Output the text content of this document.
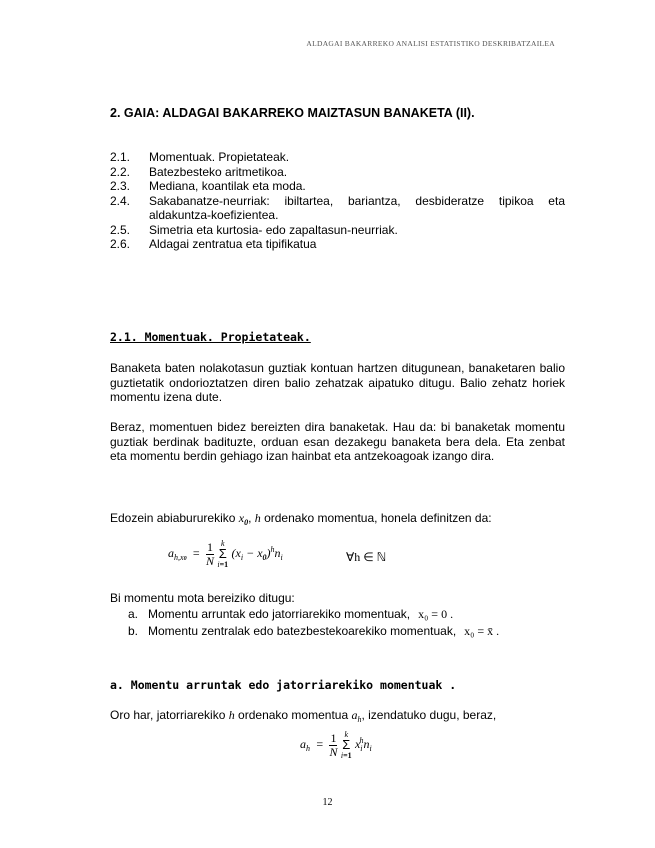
ALDAGAI BAKARREKO ANALISI ESTATISTIKO DESKRIBATZAILEA
2. GAIA: ALDAGAI BAKARREKO MAIZTASUN BANAKETA (II).
2.1.	Momentuak. Propietateak.
2.2.	Batezbesteko aritmetikoa.
2.3.	Mediana, koantilak eta moda.
2.4.	Sakabanatze-neurriak: ibiltartea, bariantza, desbideratze tipikoa eta aldakuntza-koefizientea.
2.5.	Simetria eta kurtosia- edo zapaltasun-neurriak.
2.6.	Aldagai zentratua eta tipifikatua
2.1. Momentuak. Propietateak.
Banaketa baten nolakotasun guztiak kontuan hartzen ditugunean, banaketaren balio guztietatik ondorioztatzen diren balio zehatzak aipatuko ditugu. Balio zehatz horiek momentu izena dute.
Beraz, momentuen bidez bereizten dira banaketak. Hau da: bi banaketak momentu guztiak berdinak badituzte, orduan esan dezakegu banaketa bera dela. Eta zenbat eta momentu berdin gehiago izan hainbat eta antzekoagoak izango dira.
Edozein abiabururekiko $x_0$, h ordenako momentua, honela definitzen da:
$a_{h,x0} = \frac{1}{N}$ k
Σ
i=1 $(x_i - x_0)^hn_i$	∀h ∈ ℕ
Bi momentu mota bereiziko ditugu:
a. Momentu arruntak edo jatorriarekiko momentuak, x₀ = 0 .
b. Momentu zentralak edo batezbestekoarekiko momentuak, x₀ = x̄ .
a. Momentu arruntak edo jatorriarekiko momentuak .
Oro har, jatorriarekiko h ordenako momentua $a_h$, izendatuko dugu, beraz,
$a_h = \frac{1}{N}$ k
Σ
i=1 $x_i^hn_i$
12
